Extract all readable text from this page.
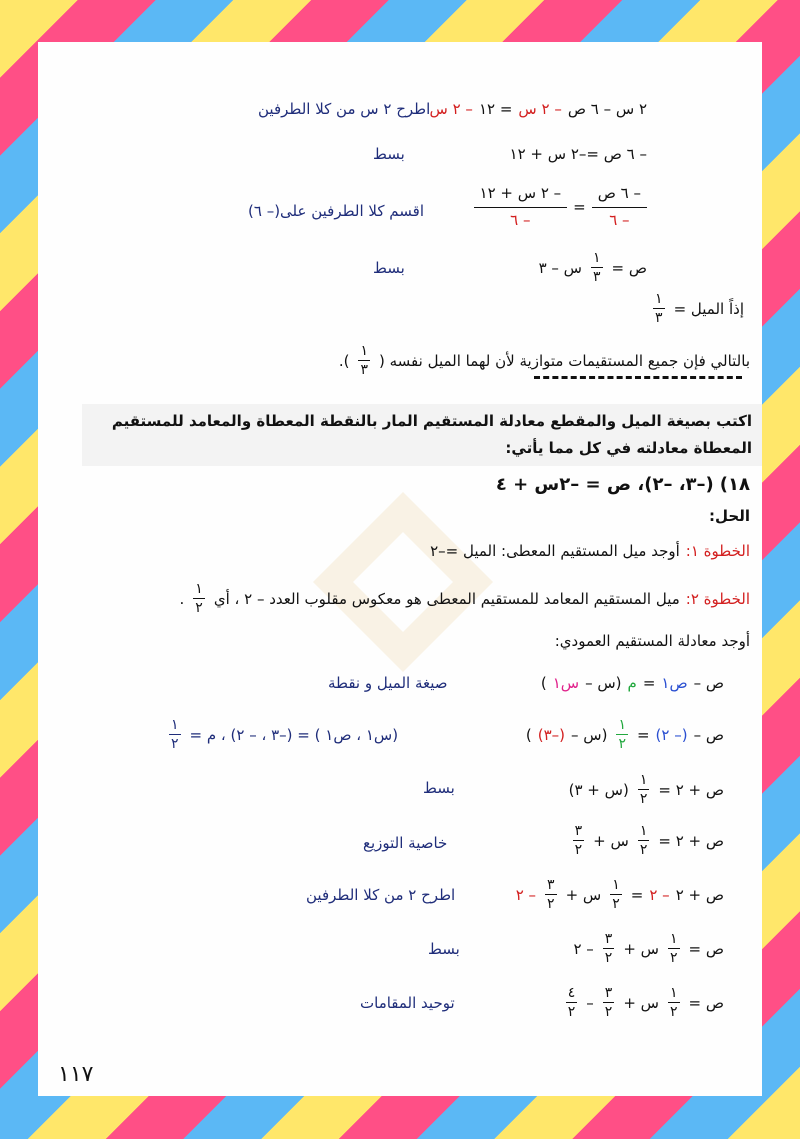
٢ س – ٦ ص
– ٢ س
= ١٢
– ٢ س
اطرح ٢ س من كلا الطرفين
– ٦ ص =–٢ س + ١٢
بسط
$\frac{\text{– ٦ ص}}{- ٦}$
=
$\frac{\text{– ٢ س + ١٢}}{- ٦}$
اقسم كلا الطرفين على(– ٦)
ص =
$\frac{١}{٣}$
س – ٣
بسط
إذاً الميل =
$\frac{١}{٣}$
بالتالي فإن جميع المستقيمات متوازية لأن لهما الميل نفسه (
$\frac{١}{٣}$
).
اكتب بصيغة الميل والمقطع معادلة المستقيم المار بالنقطة المعطاة والمعامد للمستقيم المعطاة معادلته في كل مما يأتي:
١٨)
(–٣، –٢)، ص = –٢س + ٤
الحل:
الخطوة ١:
أوجد ميل المستقيم المعطى: الميل =–٢
الخطوة ٢:
ميل المستقيم المعامد للمستقيم المعطى هو معكوس مقلوب العدد – ٢ ، أي
$\frac{١}{٢}$
.
أوجد معادلة المستقيم العمودي:
ص –
ص١
=
م
(س –
س١
)
صيغة الميل و نقطة
ص –
(– ٢)
=
$\frac{١}{٢}$
(س –
(–٣)
)
(س١ ، ص١ ) = (–٣ ، – ٢) ، م =
$\frac{١}{٢}$
ص + ٢ =
$\frac{١}{٢}$
(س + ٣)
بسط
ص + ٢ =
$\frac{١}{٢}$
س +
$\frac{٣}{٢}$
خاصية التوزيع
ص + ٢
– ٢
=
$\frac{١}{٢}$
س +
$\frac{٣}{٢}$
– ٢
اطرح ٢ من كلا الطرفين
ص =
$\frac{١}{٢}$
س +
$\frac{٣}{٢}$
– ٢
بسط
ص =
$\frac{١}{٢}$
س +
$\frac{٣}{٢}$
–
$\frac{٤}{٢}$
توحيد المقامات
١١٧
